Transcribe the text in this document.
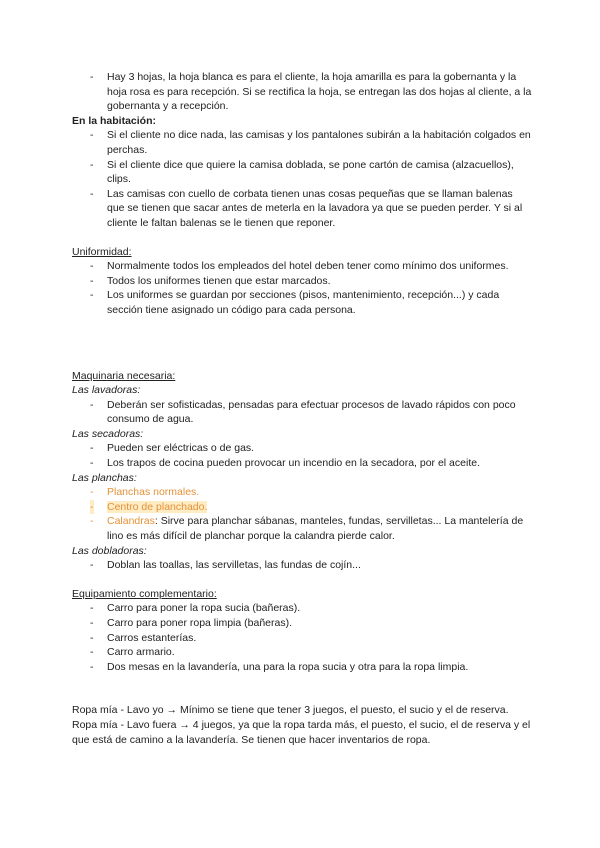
- Hay 3 hojas, la hoja blanca es para el cliente, la hoja amarilla es para la gobernanta y la hoja rosa es para recepción. Si se rectifica la hoja, se entregan las dos hojas al cliente, a la gobernanta y a recepción.

En la habitación:

- Si el cliente no dice nada, las camisas y los pantalones subirán a la habitación colgados en perchas.
- Si el cliente dice que quiere la camisa doblada, se pone cartón de camisa (alzacuellos), clips.
- Las camisas con cuello de corbata tienen unas cosas pequeñas que se llaman balenas que se tienen que sacar antes de meterla en la lavadora ya que se pueden perder. Y si al cliente le faltan balenas se le tienen que reponer.

Uniformidad:

- Normalmente todos los empleados del hotel deben tener como mínimo dos uniformes.
- Todos los uniformes tienen que estar marcados.
- Los uniformes se guardan por secciones (pisos, mantenimiento, recepción...) y cada sección tiene asignado un código para cada persona.

Maquinaria necesaria:

Las lavadoras:

- Deberán ser sofisticadas, pensadas para efectuar procesos de lavado rápidos con poco consumo de agua.

Las secadoras:

- Pueden ser eléctricas o de gas.
- Los trapos de cocina pueden provocar un incendio en la secadora, por el aceite.

Las planchas:

- Planchas normales.
- Centro de planchado.
- Calandras: Sirve para planchar sábanas, manteles, fundas, servilletas... La mantelería de lino es más difícil de planchar porque la calandra pierde calor.

Las dobladoras:

- Doblan las toallas, las servilletas, las fundas de cojín...

Equipamiento complementario:

- Carro para poner la ropa sucia (bañeras).
- Carro para poner ropa limpia (bañeras).
- Carros estanterías.
- Carro armario.
- Dos mesas en la lavandería, una para la ropa sucia y otra para la ropa limpia.

Ropa mía - Lavo yo → Mínimo se tiene que tener 3 juegos, el puesto, el sucio y el de reserva.

Ropa mía - Lavo fuera → 4 juegos, ya que la ropa tarda más, el puesto, el sucio, el de reserva y el que está de camino a la lavandería. Se tienen que hacer inventarios de ropa.
